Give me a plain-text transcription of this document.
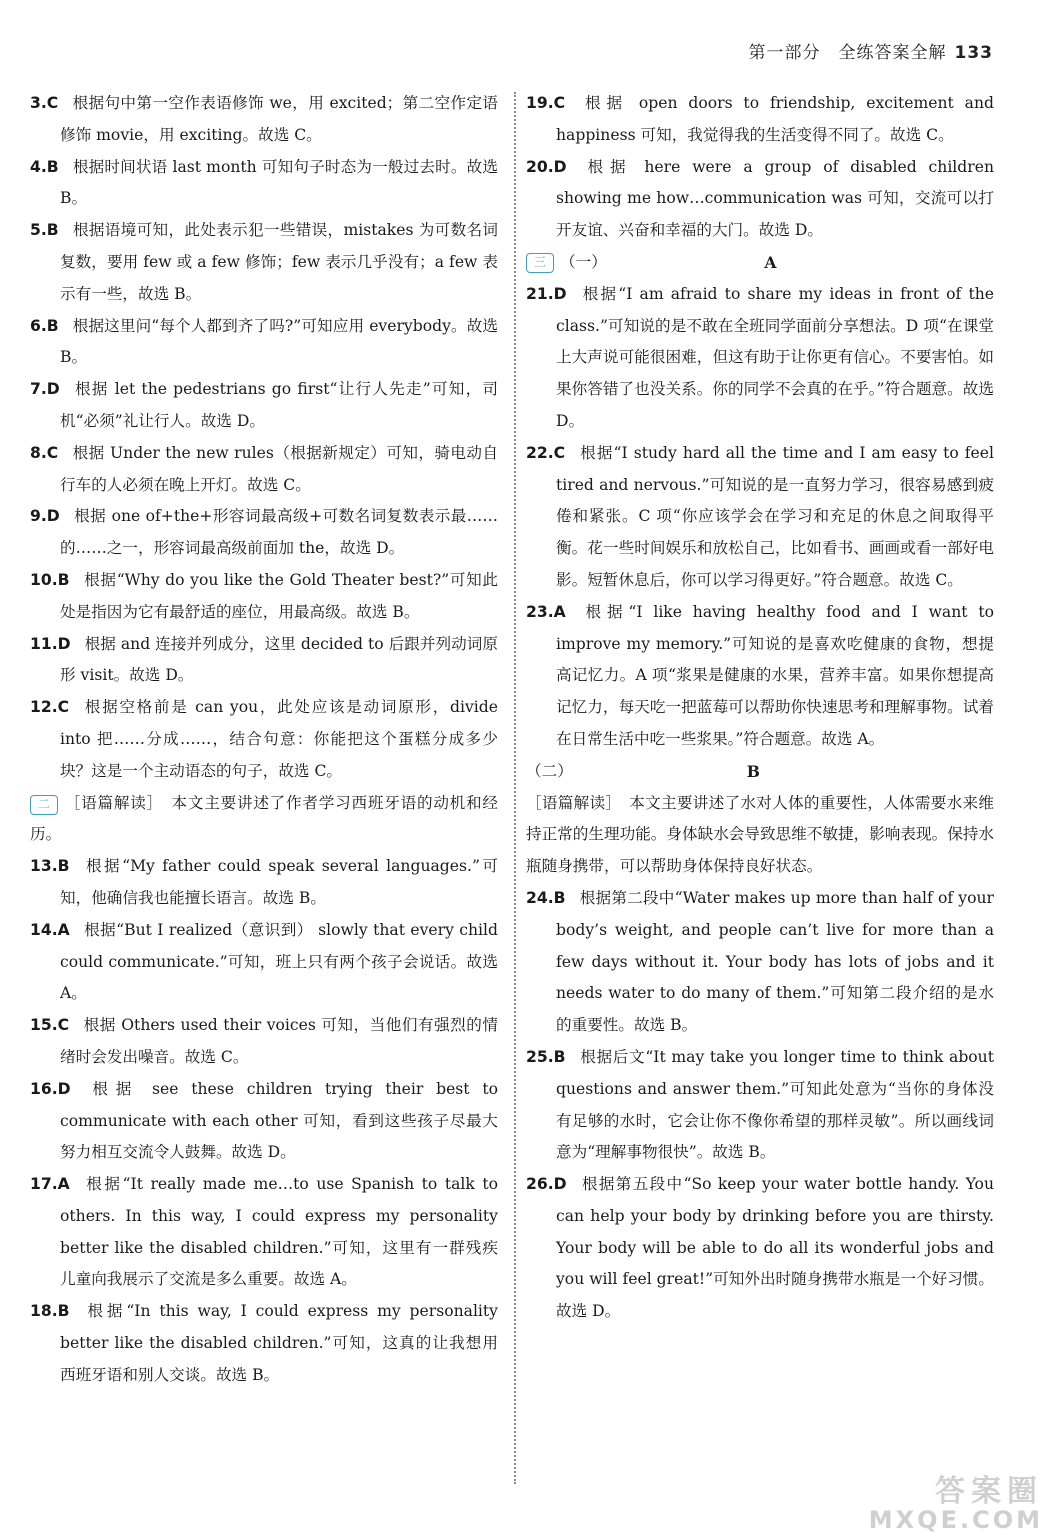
第一部分　全练答案全解 133
3.C 根据句中第一空作表语修饰 we，用 excited；第二空作定语修饰 movie，用 exciting。故选 C。
4.B 根据时间状语 last month 可知句子时态为一般过去时。故选 B。
5.B 根据语境可知，此处表示犯一些错误，mistakes 为可数名词复数，要用 few 或 a few 修饰；few 表示几乎没有；a few 表示有一些，故选 B。
6.B 根据这里问“每个人都到齐了吗?”可知应用 everybody。故选 B。
7.D 根据 let the pedestrians go first“让行人先走”可知，司机“必须”礼让行人。故选 D。
8.C 根据 Under the new rules（根据新规定）可知，骑电动自行车的人必须在晚上开灯。故选 C。
9.D 根据 one of+the+形容词最高级+可数名词复数表示最……的……之一，形容词最高级前面加 the，故选 D。
10.B 根据“Why do you like the Gold Theater best?”可知此处是指因为它有最舒适的座位，用最高级。故选 B。
11.D 根据 and 连接并列成分，这里 decided to 后跟并列动词原形 visit。故选 D。
12.C 根据空格前是 can you，此处应该是动词原形，divide into 把……分成……，结合句意：你能把这个蛋糕分成多少块？这是一个主动语态的句子，故选 C。
二 ［语篇解读］　本文主要讲述了作者学习西班牙语的动机和经历。
13.B 根据“My father could speak several languages.”可知，他确信我也能擅长语言。故选 B。
14.A 根据“But I realized（意识到） slowly that every child could communicate.”可知，班上只有两个孩子会说话。故选 A。
15.C 根据 Others used their voices 可知，当他们有强烈的情绪时会发出噪音。故选 C。
16.D 根据 see these children trying their best to communicate with each other 可知，看到这些孩子尽最大努力相互交流令人鼓舞。故选 D。
17.A 根据“It really made me…to use Spanish to talk to others. In this way, I could express my personality better like the disabled children.”可知，这里有一群残疾儿童向我展示了交流是多么重要。故选 A。
18.B 根据“In this way, I could express my personality better like the disabled children.”可知，这真的让我想用西班牙语和别人交谈。故选 B。
19.C 根据 open doors to friendship, excitement and happiness 可知，我觉得我的生活变得不同了。故选 C。
20.D 根据 here were a group of disabled children showing me how…communication was 可知，交流可以打开友谊、兴奋和幸福的大门。故选 D。
三 （一）	A
21.D 根据“I am afraid to share my ideas in front of the class.”可知说的是不敢在全班同学面前分享想法。D 项“在课堂上大声说可能很困难，但这有助于让你更有信心。不要害怕。如果你答错了也没关系。你的同学不会真的在乎。”符合题意。故选 D。
22.C 根据“I study hard all the time and I am easy to feel tired and nervous.”可知说的是一直努力学习，很容易感到疲倦和紧张。C 项“你应该学会在学习和充足的休息之间取得平衡。花一些时间娱乐和放松自己，比如看书、画画或看一部好电影。短暂休息后，你可以学习得更好。”符合题意。故选 C。
23.A 根据“I like having healthy food and I want to improve my memory.”可知说的是喜欢吃健康的食物，想提高记忆力。A 项“浆果是健康的水果，营养丰富。如果你想提高记忆力，每天吃一把蓝莓可以帮助你快速思考和理解事物。试着在日常生活中吃一些浆果。”符合题意。故选 A。
（二）	B
［语篇解读］　本文主要讲述了水对人体的重要性，人体需要水来维持正常的生理功能。身体缺水会导致思维不敏捷，影响表现。保持水瓶随身携带，可以帮助身体保持良好状态。
24.B 根据第二段中“Water makes up more than half of your body’s weight, and people can’t live for more than a few days without it. Your body has lots of jobs and it needs water to do many of them.”可知第二段介绍的是水的重要性。故选 B。
25.B 根据后文“It may take you longer time to think about questions and answer them.”可知此处意为“当你的身体没有足够的水时，它会让你不像你希望的那样灵敏”。所以画线词意为“理解事物很快”。故选 B。
26.D 根据第五段中“So keep your water bottle handy. You can help your body by drinking before you are thirsty. Your body will be able to do all its wonderful jobs and you will feel great!”可知外出时随身携带水瓶是一个好习惯。故选 D。
答案圈
MXQE.COM
